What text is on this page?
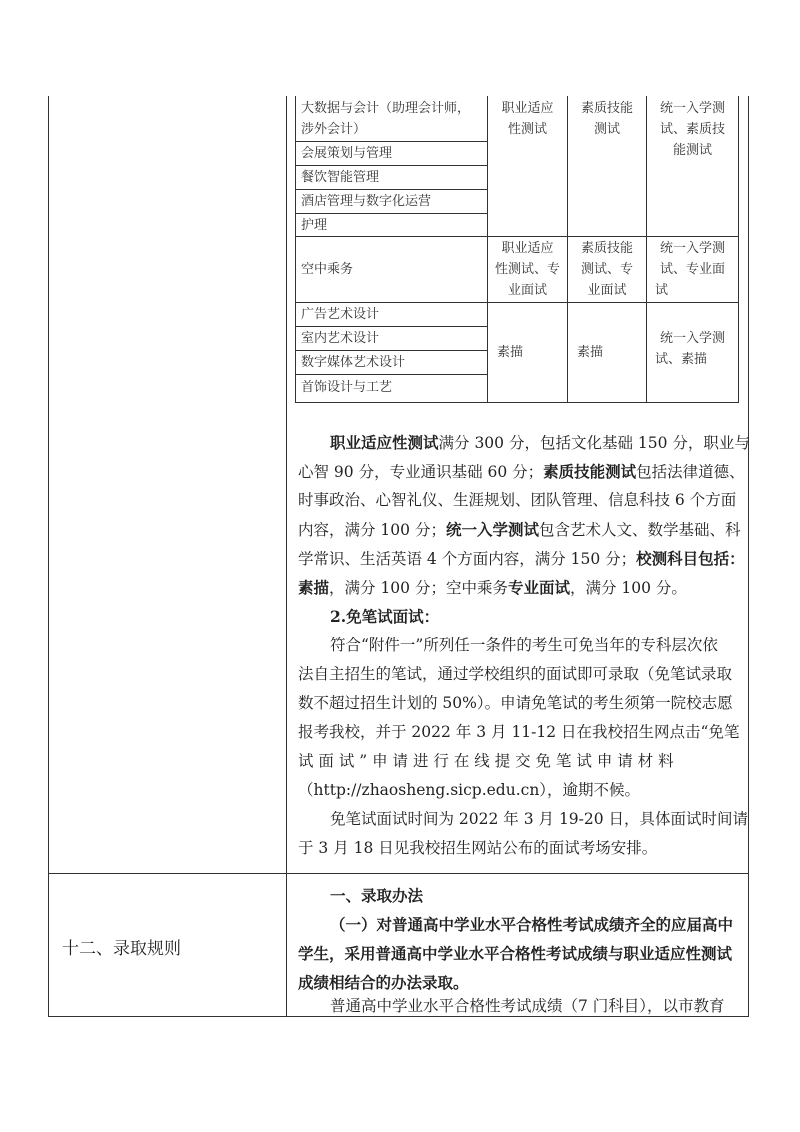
大数据与会计（助理会计师，
涉外会计）
会展策划与管理
餐饮智能管理
酒店管理与数字化运营
护理
职业适应
性测试
素质技能
测试
统一入学测
试、素质技
能测试
空中乘务
职业适应
性测试、专
业面试
素质技能
测试、专
业面试
统一入学测
试、专业面
试
广告艺术设计
室内艺术设计
数字媒体艺术设计
首饰设计与工艺
素描	素描
统一入学测
试、素描
职业适应性测试满分 300 分，包括文化基础 150 分，职业与
心智 90 分，专业通识基础 60 分；素质技能测试包括法律道德、
时事政治、心智礼仪、生涯规划、团队管理、信息科技 6 个方面
内容，满分 100 分；统一入学测试包含艺术人文、数学基础、科
学常识、生活英语 4 个方面内容，满分 150 分；校测科目包括：
素描，满分 100 分；空中乘务专业面试，满分 100 分。
2.免笔试面试：
符合“附件一”所列任一条件的考生可免当年的专科层次依
法自主招生的笔试，通过学校组织的面试即可录取（免笔试录取
数不超过招生计划的 50%）。申请免笔试的考生须第一院校志愿
报考我校，并于 2022 年 3 月 11-12 日在我校招生网点击“免笔
试 面 试 ” 申 请 进 行 在 线 提 交 免 笔 试 申 请 材 料
（http://zhaosheng.sicp.edu.cn），逾期不候。
免笔试面试时间为 2022 年 3 月 19-20 日，具体面试时间请
于 3 月 18 日见我校招生网站公布的面试考场安排。
十二、录取规则
一、录取办法
（一）对普通高中学业水平合格性考试成绩齐全的应届高中
学生，采用普通高中学业水平合格性考试成绩与职业适应性测试
成绩相结合的办法录取。
普通高中学业水平合格性考试成绩（7 门科目），以市教育
